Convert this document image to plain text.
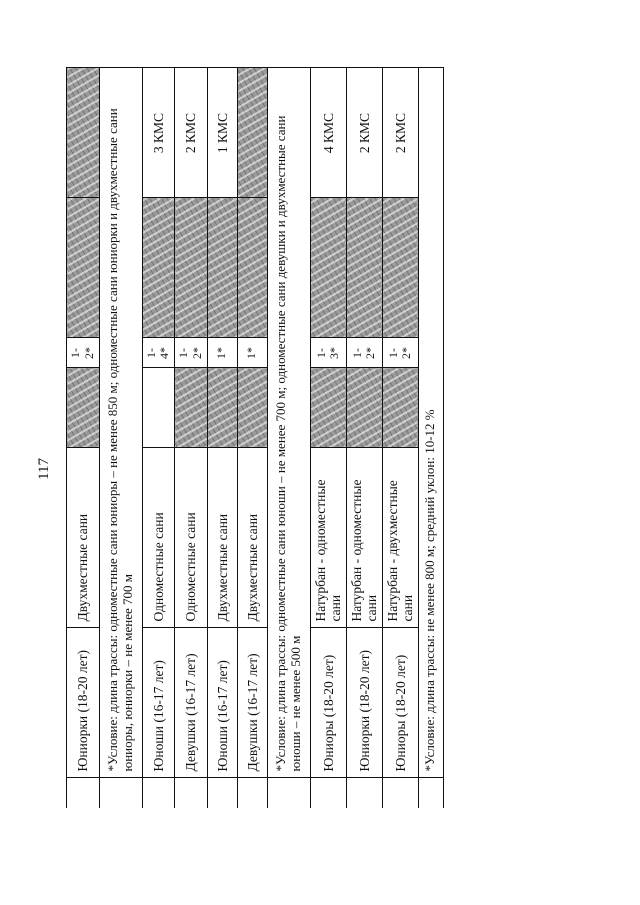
117
	Юниорки (18-20 лет)	Двухместные сани		1-2*		
	*Условие: длина трассы: одноместные сани юниоры – не менее 850 м; одноместные сани юниорки и двухместные сани юниоры, юниорки – не менее 700 м					
	Юноши (16-17 лет)	Одноместные сани		1-4*		3 КМС
	Девушки (16-17 лет)	Одноместные сани		1-2*		2 КМС
	Юноши (16-17 лет)	Двухместные сани		1*		1 КМС
	Девушки (16-17 лет)	Двухместные сани		1*		
	*Условие: длина трассы: одноместные сани юноши – не менее 700 м; одноместные сани девушки и двухместные сани юноши – не менее 500 м					
	Юниоры (18-20 лет)	Натурбан - одноместные сани		1-3*		4 КМС
	Юниорки (18-20 лет)	Натурбан - одноместные сани		1-2*		2 КМС
	Юниоры (18-20 лет)	Натурбан - двухместные сани		1-2*		2 КМС
	*Условие: длина трассы: не менее 800 м; средний уклон: 10-12 %					
